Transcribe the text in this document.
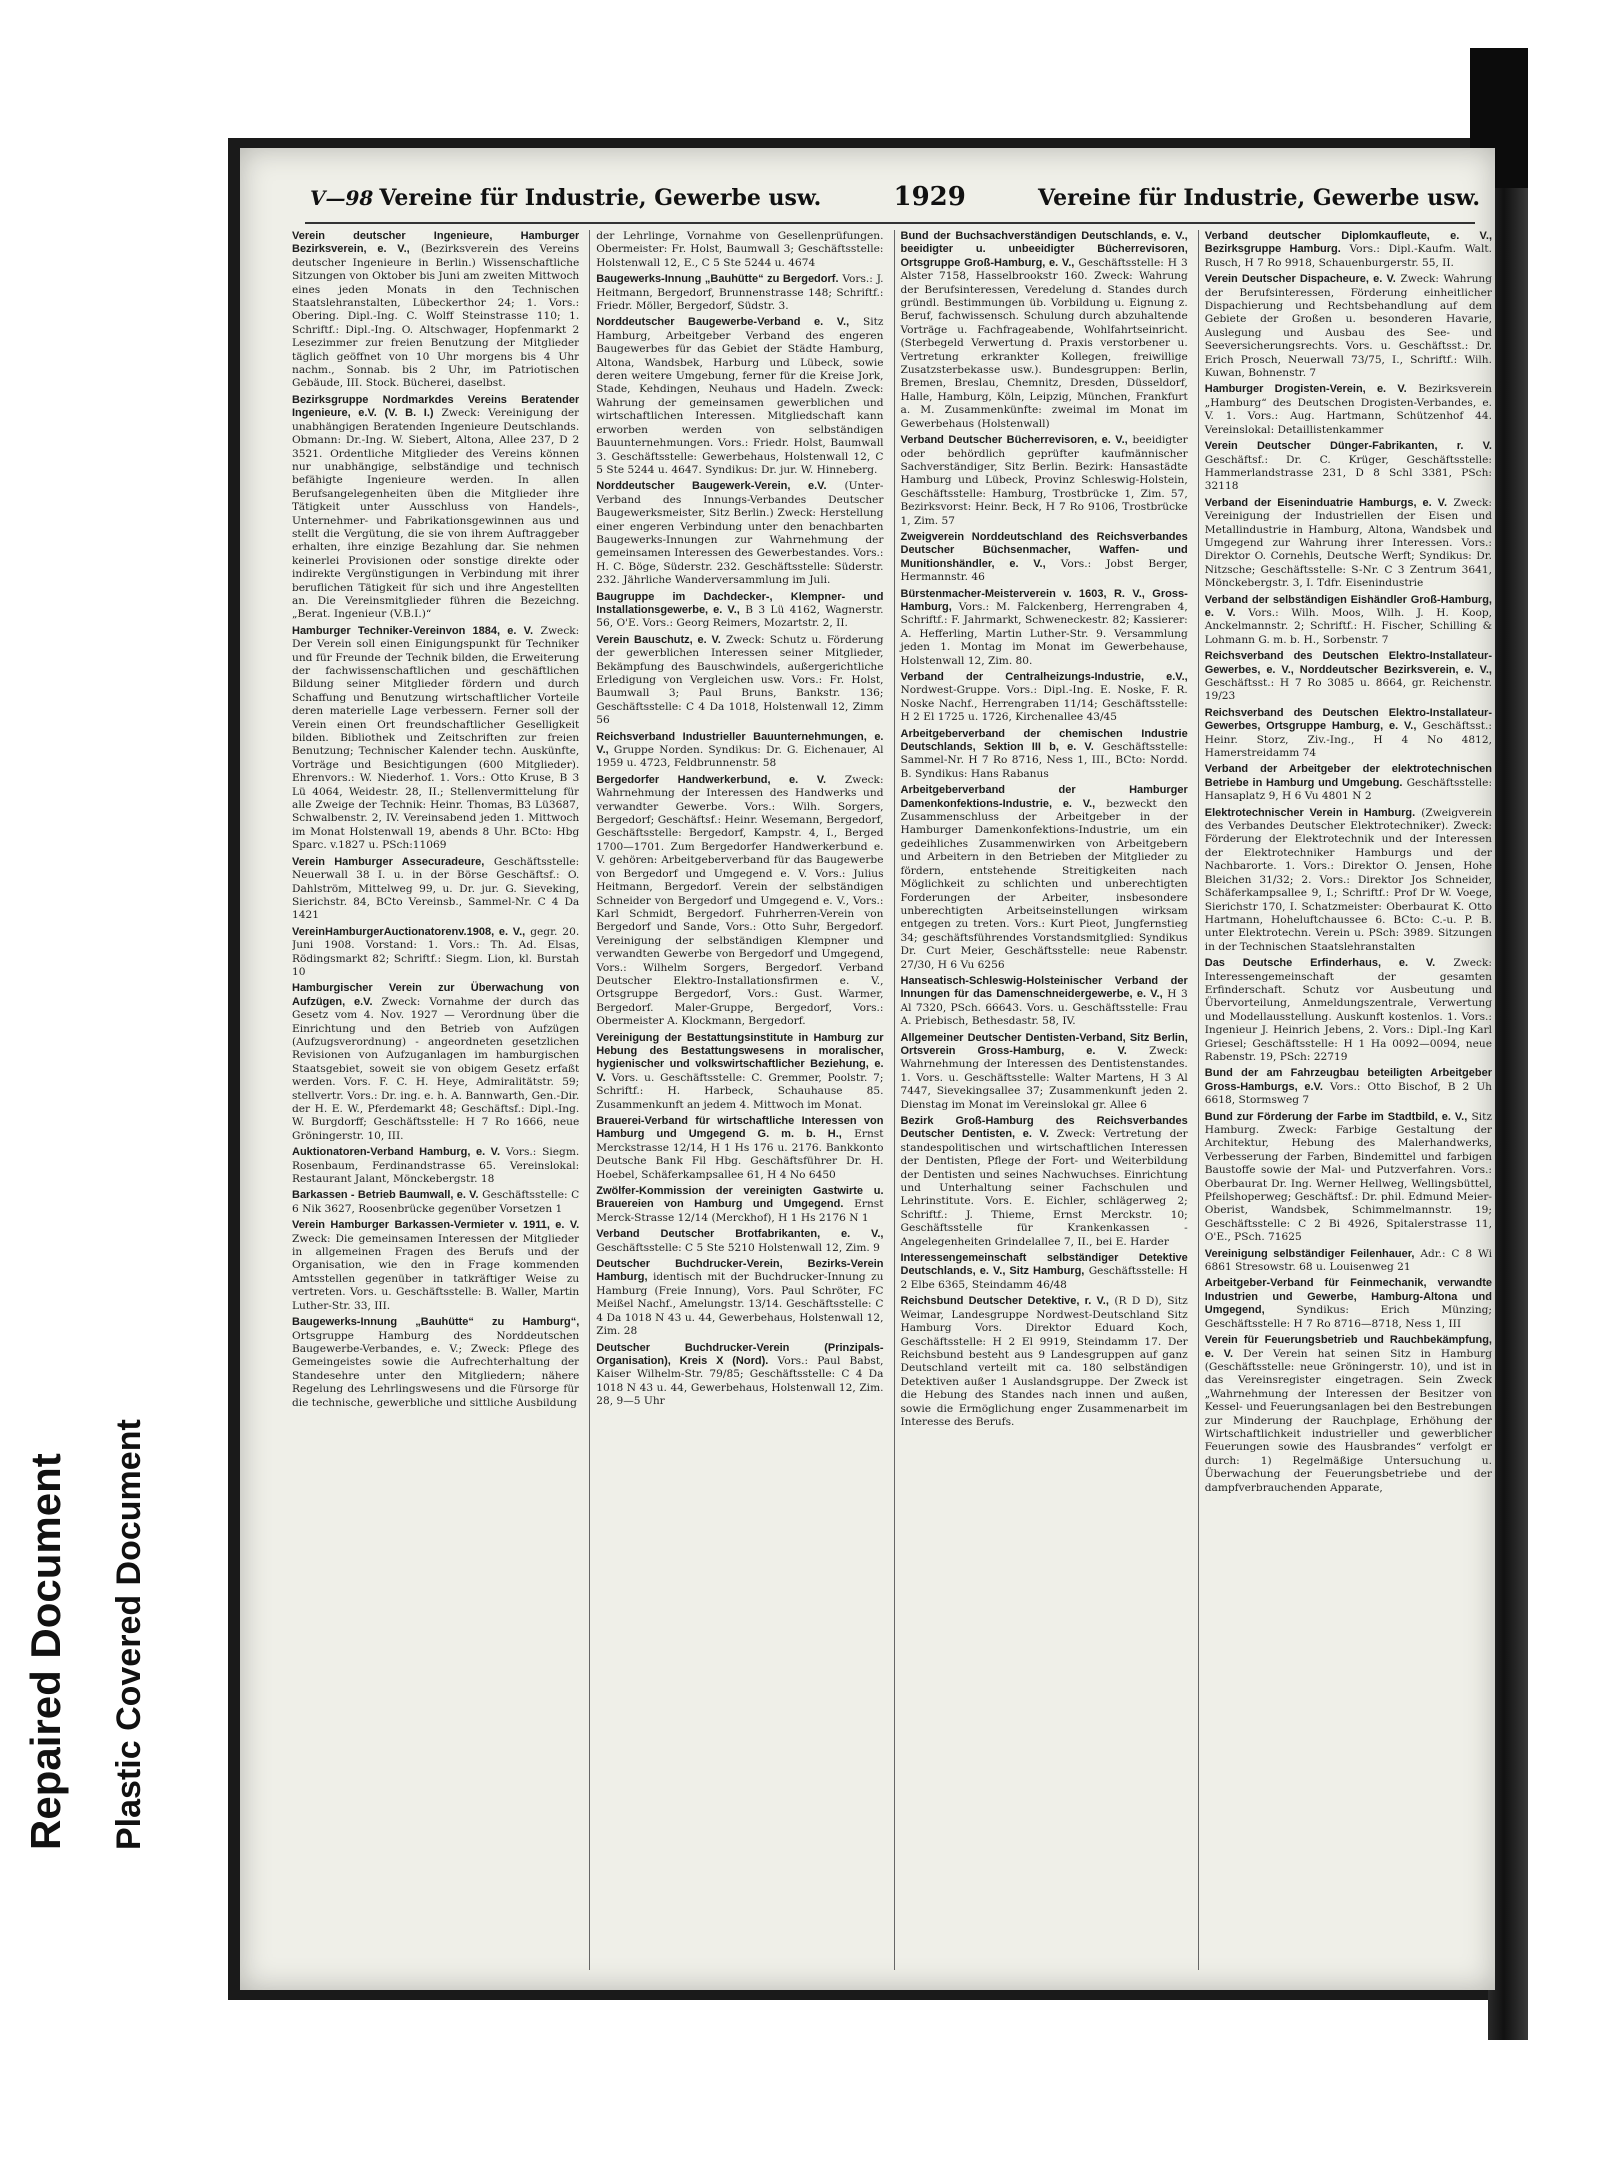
Repaired Document Plastic Covered Document
V—98 Vereine für Industrie, Gewerbe usw.	1929	Vereine für Industrie, Gewerbe usw.

Verein deutscher Ingenieure, Hamburger Bezirksverein, e. V., (Bezirksverein des Vereins deutscher Ingenieure in Berlin.) Wissenschaftliche Sitzungen von Oktober bis Juni am zweiten Mittwoch eines jeden Monats in den Technischen Staatslehranstalten, Lübeckerthor 24; 1. Vors.: Obering. Dipl.-Ing. C. Wolff Steinstrasse 110; 1. Schriftf.: Dipl.-Ing. O. Altschwager, Hopfenmarkt 2 Lesezimmer zur freien Benutzung der Mitglieder täglich geöffnet von 10 Uhr morgens bis 4 Uhr nachm., Sonnab. bis 2 Uhr, im Patriotischen Gebäude, III. Stock. Bücherei, daselbst.

Bezirksgruppe Nordmarkdes Vereins Beratender Ingenieure, e.V. (V. B. I.) Zweck: Vereinigung der unabhängigen Beratenden Ingenieure Deutschlands. Obmann: Dr.-Ing. W. Siebert, Altona, Allee 237, D 2 3521. Ordentliche Mitglieder des Vereins können nur unabhängige, selbständige und technisch befähigte Ingenieure werden. In allen Berufsangelegenheiten üben die Mitglieder ihre Tätigkeit unter Ausschluss von Handels-, Unternehmer- und Fabrikationsgewinnen aus und stellt die Vergütung, die sie von ihrem Auftraggeber erhalten, ihre einzige Bezahlung dar. Sie nehmen keinerlei Provisionen oder sonstige direkte oder indirekte Vergünstigungen in Verbindung mit ihrer beruflichen Tätigkeit für sich und ihre Angestellten an. Die Vereinsmitglieder führen die Bezeichng. „Berat. Ingenieur (V.B.I.)“

Hamburger Techniker-Vereinvon 1884, e. V. Zweck: Der Verein soll einen Einigungspunkt für Techniker und für Freunde der Technik bilden, die Erweiterung der fachwissenschaftlichen und geschäftlichen Bildung seiner Mitglieder fördern und durch Schaffung und Benutzung wirtschaftlicher Vorteile deren materielle Lage verbessern. Ferner soll der Verein einen Ort freundschaftlicher Geselligkeit bilden. Bibliothek und Zeitschriften zur freien Benutzung; Technischer Kalender techn. Auskünfte, Vorträge und Besichtigungen (600 Mitglieder). Ehrenvors.: W. Niederhof. 1. Vors.: Otto Kruse, B 3 Lü 4064, Weidestr. 28, II.; Stellenvermittelung für alle Zweige der Technik: Heinr. Thomas, B3 Lü3687, Schwalbenstr. 2, IV. Vereinsabend jeden 1. Mittwoch im Monat Holstenwall 19, abends 8 Uhr. BCto: Hbg Sparc. v.1827 u. PSch:11069

Verein Hamburger Assecuradeure, Geschäftsstelle: Neuerwall 38 I. u. in der Börse Geschäftsf.: O. Dahlström, Mittelweg 99, u. Dr. jur. G. Sieveking, Sierichstr. 84, BCto Vereinsb., Sammel-Nr. C 4 Da 1421

VereinHamburgerAuctionatorenv.1908, e. V., gegr. 20. Juni 1908. Vorstand: 1. Vors.: Th. Ad. Elsas, Rödingsmarkt 82; Schriftf.: Siegm. Lion, kl. Burstah 10

Hamburgischer Verein zur Überwachung von Aufzügen, e.V. Zweck: Vornahme der durch das Gesetz vom 4. Nov. 1927 — Verordnung über die Einrichtung und den Betrieb von Aufzügen (Aufzugsverordnung) - angeordneten gesetzlichen Revisionen von Aufzuganlagen im hamburgischen Staatsgebiet, soweit sie von obigem Gesetz erfaßt werden. Vors. F. C. H. Heye, Admiralitätstr. 59; stellvertr. Vors.: Dr. ing. e. h. A. Bannwarth, Gen.-Dir. der H. E. W., Pferdemarkt 48; Geschäftsf.: Dipl.-Ing. W. Burgdorff; Geschäftsstelle: H 7 Ro 1666, neue Gröningerstr. 10, III.

Auktionatoren-Verband Hamburg, e. V. Vors.: Siegm. Rosenbaum, Ferdinandstrasse 65. Vereinslokal: Restaurant Jalant, Mönckebergstr. 18

Barkassen - Betrieb Baumwall, e. V. Geschäftsstelle: C 6 Nik 3627, Roosenbrücke gegenüber Vorsetzen 1

Verein Hamburger Barkassen-Vermieter v. 1911, e. V. Zweck: Die gemeinsamen Interessen der Mitglieder in allgemeinen Fragen des Berufs und der Organisation, wie den in Frage kommenden Amtsstellen gegenüber in tatkräftiger Weise zu vertreten. Vors. u. Geschäftsstelle: B. Waller, Martin Luther-Str. 33, III.

Baugewerks-Innung „Bauhütte“ zu Hamburg“, Ortsgruppe Hamburg des Norddeutschen Baugewerbe-Verbandes, e. V.; Zweck: Pflege des Gemeingeistes sowie die Aufrechterhaltung der Standesehre unter den Mitgliedern; nähere Regelung des Lehrlingswesens und die Fürsorge für die technische, gewerbliche und sittliche Ausbildung

der Lehrlinge, Vornahme von Gesellenprüfungen. Obermeister: Fr. Holst, Baumwall 3; Geschäftsstelle: Holstenwall 12, E., C 5 Ste 5244 u. 4674

Baugewerks-Innung „Bauhütte“ zu Bergedorf. Vors.: J. Heitmann, Bergedorf, Brunnenstrasse 148; Schriftf.: Friedr. Möller, Bergedorf, Südstr. 3.

Norddeutscher Baugewerbe-Verband e. V., Sitz Hamburg, Arbeitgeber Verband des engeren Baugewerbes für das Gebiet der Städte Hamburg, Altona, Wandsbek, Harburg und Lübeck, sowie deren weitere Umgebung, ferner für die Kreise Jork, Stade, Kehdingen, Neuhaus und Hadeln. Zweck: Wahrung der gemeinsamen gewerblichen und wirtschaftlichen Interessen. Mitgliedschaft kann erworben werden von selbständigen Bauunternehmungen. Vors.: Friedr. Holst, Baumwall 3. Geschäftsstelle: Gewerbehaus, Holstenwall 12, C 5 Ste 5244 u. 4647. Syndikus: Dr. jur. W. Hinneberg.

Norddeutscher Baugewerk-Verein, e.V. (Unter-Verband des Innungs-Verbandes Deutscher Baugewerksmeister, Sitz Berlin.) Zweck: Herstellung einer engeren Verbindung unter den benachbarten Baugewerks-Innungen zur Wahrnehmung der gemeinsamen Interessen des Gewerbestandes. Vors.: H. C. Böge, Süderstr. 232. Geschäftsstelle: Süderstr. 232. Jährliche Wanderversammlung im Juli.

Baugruppe im Dachdecker-, Klempner- und Installationsgewerbe, e. V., B 3 Lü 4162, Wagnerstr. 56, O'E. Vors.: Georg Reimers, Mozartstr. 2, II.

Verein Bauschutz, e. V. Zweck: Schutz u. Förderung der gewerblichen Interessen seiner Mitglieder, Bekämpfung des Bauschwindels, außergerichtliche Erledigung von Vergleichen usw. Vors.: Fr. Holst, Baumwall 3; Paul Bruns, Bankstr. 136; Geschäftsstelle: C 4 Da 1018, Holstenwall 12, Zimm 56

Reichsverband Industrieller Bauunternehmungen, e. V., Gruppe Norden. Syndikus: Dr. G. Eichenauer, Al 1959 u. 4723, Feldbrunnenstr. 58

Bergedorfer Handwerkerbund, e. V. Zweck: Wahrnehmung der Interessen des Handwerks und verwandter Gewerbe. Vors.: Wilh. Sorgers, Bergedorf; Geschäftsf.: Heinr. Wesemann, Bergedorf, Geschäftsstelle: Bergedorf, Kampstr. 4, I., Berged 1700—1701. Zum Bergedorfer Handwerkerbund e. V. gehören: Arbeitgeberverband für das Baugewerbe von Bergedorf und Umgegend e. V. Vors.: Julius Heitmann, Bergedorf. Verein der selbständigen Schneider von Bergedorf und Umgegend e. V., Vors.: Karl Schmidt, Bergedorf. Fuhrherren-Verein von Bergedorf und Sande, Vors.: Otto Suhr, Bergedorf. Vereinigung der selbständigen Klempner und verwandten Gewerbe von Bergedorf und Umgegend, Vors.: Wilhelm Sorgers, Bergedorf. Verband Deutscher Elektro-Installationsfirmen e. V., Ortsgruppe Bergedorf, Vors.: Gust. Warmer, Bergedorf. Maler-Gruppe, Bergedorf, Vors.: Obermeister A. Klockmann, Bergedorf.

Vereinigung der Bestattungsinstitute in Hamburg zur Hebung des Bestattungswesens in moralischer, hygienischer und volkswirtschaftlicher Beziehung, e. V. Vors. u. Geschäftsstelle: C. Gremmer, Poolstr. 7; Schriftf.: H. Harbeck, Schauhause 85. Zusammenkunft an jedem 4. Mittwoch im Monat.

Brauerei-Verband für wirtschaftliche Interessen von Hamburg und Umgegend G. m. b. H., Ernst Merckstrasse 12/14, H 1 Hs 176 u. 2176. Bankkonto Deutsche Bank Fil Hbg. Geschäftsführer Dr. H. Hoebel, Schäferkampsallee 61, H 4 No 6450

Zwölfer-Kommission der vereinigten Gastwirte u. Brauereien von Hamburg und Umgegend. Ernst Merck-Strasse 12/14 (Merckhof), H 1 Hs 2176 N 1

Verband Deutscher Brotfabrikanten, e. V., Geschäftsstelle: C 5 Ste 5210 Holstenwall 12, Zim. 9

Deutscher Buchdrucker-Verein, Bezirks-Verein Hamburg, identisch mit der Buchdrucker-Innung zu Hamburg (Freie Innung), Vors. Paul Schröter, FC Meißel Nachf., Amelungstr. 13/14. Geschäftsstelle: C 4 Da 1018 N 43 u. 44, Gewerbehaus, Holstenwall 12, Zim. 28

Deutscher Buchdrucker-Verein (Prinzipals-Organisation), Kreis X (Nord). Vors.: Paul Babst, Kaiser Wilhelm-Str. 79/85; Geschäftsstelle: C 4 Da 1018 N 43 u. 44, Gewerbehaus, Holstenwall 12, Zim. 28, 9—5 Uhr

Bund der Buchsachverständigen Deutschlands, e. V., beeidigter u. unbeeidigter Bücherrevisoren, Ortsgruppe Groß-Hamburg, e. V., Geschäftsstelle: H 3 Alster 7158, Hasselbrookstr 160. Zweck: Wahrung der Berufsinteressen, Veredelung d. Standes durch gründl. Bestimmungen üb. Vorbildung u. Eignung z. Beruf, fachwissensch. Schulung durch abzuhaltende Vorträge u. Fachfrageabende, Wohlfahrtseinricht. (Sterbegeld Verwertung d. Praxis verstorbener u. Vertretung erkrankter Kollegen, freiwillige Zusatzsterbekasse usw.). Bundesgruppen: Berlin, Bremen, Breslau, Chemnitz, Dresden, Düsseldorf, Halle, Hamburg, Köln, Leipzig, München, Frankfurt a. M. Zusammenkünfte: zweimal im Monat im Gewerbehaus (Holstenwall)

Verband Deutscher Bücherrevisoren, e. V., beeidigter oder behördlich geprüfter kaufmännischer Sachverständiger, Sitz Berlin. Bezirk: Hansastädte Hamburg und Lübeck, Provinz Schleswig-Holstein, Geschäftsstelle: Hamburg, Trostbrücke 1, Zim. 57, Bezirksvorst: Heinr. Beck, H 7 Ro 9106, Trostbrücke 1, Zim. 57

Zweigverein Norddeutschland des Reichsverbandes Deutscher Büchsenmacher, Waffen- und Munitionshändler, e. V., Vors.: Jobst Berger, Hermannstr. 46

Bürstenmacher-Meisterverein v. 1603, R. V., Gross-Hamburg, Vors.: M. Falckenberg, Herrengraben 4, Schriftf.: F. Jahrmarkt, Schweneckestr. 82; Kassierer: A. Hefferling, Martin Luther-Str. 9. Versammlung jeden 1. Montag im Monat im Gewerbehause, Holstenwall 12, Zim. 80.

Verband der Centralheizungs-Industrie, e.V., Nordwest-Gruppe. Vors.: Dipl.-Ing. E. Noske, F. R. Noske Nachf., Herrengraben 11/14; Geschäftsstelle: H 2 El 1725 u. 1726, Kirchenallee 43/45

Arbeitgeberverband der chemischen Industrie Deutschlands, Sektion III b, e. V. Geschäftsstelle: Sammel-Nr. H 7 Ro 8716, Ness 1, III., BCto: Nordd. B. Syndikus: Hans Rabanus

Arbeitgeberverband der Hamburger Damenkonfektions-Industrie, e. V., bezweckt den Zusammenschluss der Arbeitgeber in der Hamburger Damenkonfektions-Industrie, um ein gedeihliches Zusammenwirken von Arbeitgebern und Arbeitern in den Betrieben der Mitglieder zu fördern, entstehende Streitigkeiten nach Möglichkeit zu schlichten und unberechtigten Forderungen der Arbeiter, insbesondere unberechtigten Arbeitseinstellungen wirksam entgegen zu treten. Vors.: Kurt Pieot, Jungfernstieg 34; geschäftsführendes Vorstandsmitglied: Syndikus Dr. Curt Meier, Geschäftsstelle: neue Rabenstr. 27/30, H 6 Vu 6256

Hanseatisch-Schleswig-Holsteinischer Verband der Innungen für das Damenschneidergewerbe, e. V., H 3 Al 7320, PSch. 66643. Vors. u. Geschäftsstelle: Frau A. Priebisch, Bethesdastr. 58, IV.

Allgemeiner Deutscher Dentisten-Verband, Sitz Berlin, Ortsverein Gross-Hamburg, e. V. Zweck: Wahrnehmung der Interessen des Dentistenstandes. 1. Vors. u. Geschäftsstelle: Walter Martens, H 3 Al 7447, Sievekingsallee 37; Zusammenkunft jeden 2. Dienstag im Monat im Vereinslokal gr. Allee 6

Bezirk Groß-Hamburg des Reichsverbandes Deutscher Dentisten, e. V. Zweck: Vertretung der standespolitischen und wirtschaftlichen Interessen der Dentisten, Pflege der Fort- und Weiterbildung der Dentisten und seines Nachwuchses. Einrichtung und Unterhaltung seiner Fachschulen und Lehrinstitute. Vors. E. Eichler, schlägerweg 2; Schriftf.: J. Thieme, Ernst Merckstr. 10; Geschäftsstelle für Krankenkassen - Angelegenheiten Grindelallee 7, II., bei E. Harder

Interessengemeinschaft selbständiger Detektive Deutschlands, e. V., Sitz Hamburg, Geschäftsstelle: H 2 Elbe 6365, Steindamm 46/48

Reichsbund Deutscher Detektive, r. V., (R D D), Sitz Weimar, Landesgruppe Nordwest-Deutschland Sitz Hamburg Vors. Direktor Eduard Koch, Geschäftsstelle: H 2 El 9919, Steindamm 17. Der Reichsbund besteht aus 9 Landesgruppen auf ganz Deutschland verteilt mit ca. 180 selbständigen Detektiven außer 1 Auslandsgruppe. Der Zweck ist die Hebung des Standes nach innen und außen, sowie die Ermöglichung enger Zusammenarbeit im Interesse des Berufs.

Verband deutscher Diplomkaufleute, e. V., Bezirksgruppe Hamburg. Vors.: Dipl.-Kaufm. Walt. Rusch, H 7 Ro 9918, Schauenburgerstr. 55, II.

Verein Deutscher Dispacheure, e. V. Zweck: Wahrung der Berufsinteressen, Förderung einheitlicher Dispachierung und Rechtsbehandlung auf dem Gebiete der Großen u. besonderen Havarie, Auslegung und Ausbau des See- und Seeversicherungsrechts. Vors. u. Geschäftsst.: Dr. Erich Prosch, Neuerwall 73/75, I., Schriftf.: Wilh. Kuwan, Bohnenstr. 7

Hamburger Drogisten-Verein, e. V. Bezirksverein „Hamburg“ des Deutschen Drogisten-Verbandes, e. V. 1. Vors.: Aug. Hartmann, Schützenhof 44. Vereinslokal: Detaillistenkammer

Verein Deutscher Dünger-Fabrikanten, r. V. Geschäftsf.: Dr. C. Krüger, Geschäftsstelle: Hammerlandstrasse 231, D 8 Schl 3381, PSch: 32118

Verband der Eiseninduatrie Hamburgs, e. V. Zweck: Vereinigung der Industriellen der Eisen und Metallindustrie in Hamburg, Altona, Wandsbek und Umgegend zur Wahrung ihrer Interessen. Vors.: Direktor O. Cornehls, Deutsche Werft; Syndikus: Dr. Nitzsche; Geschäftsstelle: S-Nr. C 3 Zentrum 3641, Mönckebergstr. 3, I. Tdfr. Eisenindustrie

Verband der selbständigen Eishändler Groß-Hamburg, e. V. Vors.: Wilh. Moos, Wilh. J. H. Koop, Anckelmannstr. 2; Schriftf.: H. Fischer, Schilling & Lohmann G. m. b. H., Sorbenstr. 7

Reichsverband des Deutschen Elektro-Installateur-Gewerbes, e. V., Norddeutscher Bezirksverein, e. V., Geschäftsst.: H 7 Ro 3085 u. 8664, gr. Reichenstr. 19/23

Reichsverband des Deutschen Elektro-Installateur-Gewerbes, Ortsgruppe Hamburg, e. V., Geschäftsst.: Heinr. Storz, Ziv.-Ing., H 4 No 4812, Hamerstreidamm 74

Verband der Arbeitgeber der elektrotechnischen Betriebe in Hamburg und Umgebung. Geschäftsstelle: Hansaplatz 9, H 6 Vu 4801 N 2

Elektrotechnischer Verein in Hamburg. (Zweigverein des Verbandes Deutscher Elektrotechniker). Zweck: Förderung der Elektrotechnik und der Interessen der Elektrotechniker Hamburgs und der Nachbarorte. 1. Vors.: Direktor O. Jensen, Hohe Bleichen 31/32; 2. Vors.: Direktor Jos Schneider, Schäferkampsallee 9, I.; Schriftf.: Prof Dr W. Voege, Sierichstr 170, I. Schatzmeister: Oberbaurat K. Otto Hartmann, Hoheluftchaussee 6. BCto: C.-u. P. B. unter Elektrotechn. Verein u. PSch: 3989. Sitzungen in der Technischen Staatslehranstalten

Das Deutsche Erfinderhaus, e. V. Zweck: Interessengemeinschaft der gesamten Erfinderschaft. Schutz vor Ausbeutung und Übervorteilung, Anmeldungszentrale, Verwertung und Modellausstellung. Auskunft kostenlos. 1. Vors.: Ingenieur J. Heinrich Jebens, 2. Vors.: Dipl.-Ing Karl Griesel; Geschäftsstelle: H 1 Ha 0092—0094, neue Rabenstr. 19, PSch: 22719

Bund der am Fahrzeugbau beteiligten Arbeitgeber Gross-Hamburgs, e.V. Vors.: Otto Bischof, B 2 Uh 6618, Stormsweg 7

Bund zur Förderung der Farbe im Stadtbild, e. V., Sitz Hamburg. Zweck: Farbige Gestaltung der Architektur, Hebung des Malerhandwerks, Verbesserung der Farben, Bindemittel und farbigen Baustoffe sowie der Mal- und Putzverfahren. Vors.: Oberbaurat Dr. Ing. Werner Hellweg, Wellingsbüttel, Pfeilshoperweg; Geschäftsf.: Dr. phil. Edmund Meier-Oberist, Wandsbek, Schimmelmannstr. 19; Geschäftsstelle: C 2 Bi 4926, Spitalerstrasse 11, O'E., PSch. 71625

Vereinigung selbständiger Feilenhauer, Adr.: C 8 Wi 6861 Stresowstr. 68 u. Louisenweg 21

Arbeitgeber-Verband für Feinmechanik, verwandte Industrien und Gewerbe, Hamburg-Altona und Umgegend,	Syndikus: Erich Münzing; Geschäftsstelle: H 7 Ro 8716—8718, Ness 1, III

Verein für Feuerungsbetrieb und Rauchbekämpfung, e. V. Der Verein hat seinen Sitz in Hamburg (Geschäftsstelle: neue Gröningerstr. 10), und ist in das Vereinsregister eingetragen. Sein Zweck „Wahrnehmung der Interessen der Besitzer von Kessel- und Feuerungsanlagen bei den Bestrebungen zur Minderung der Rauchplage, Erhöhung der Wirtschaftlichkeit industrieller und gewerblicher Feuerungen sowie des Hausbrandes“ verfolgt er durch: 1) Regelmäßige Untersuchung u. Überwachung der Feuerungsbetriebe und der dampfverbrauchenden Apparate,
